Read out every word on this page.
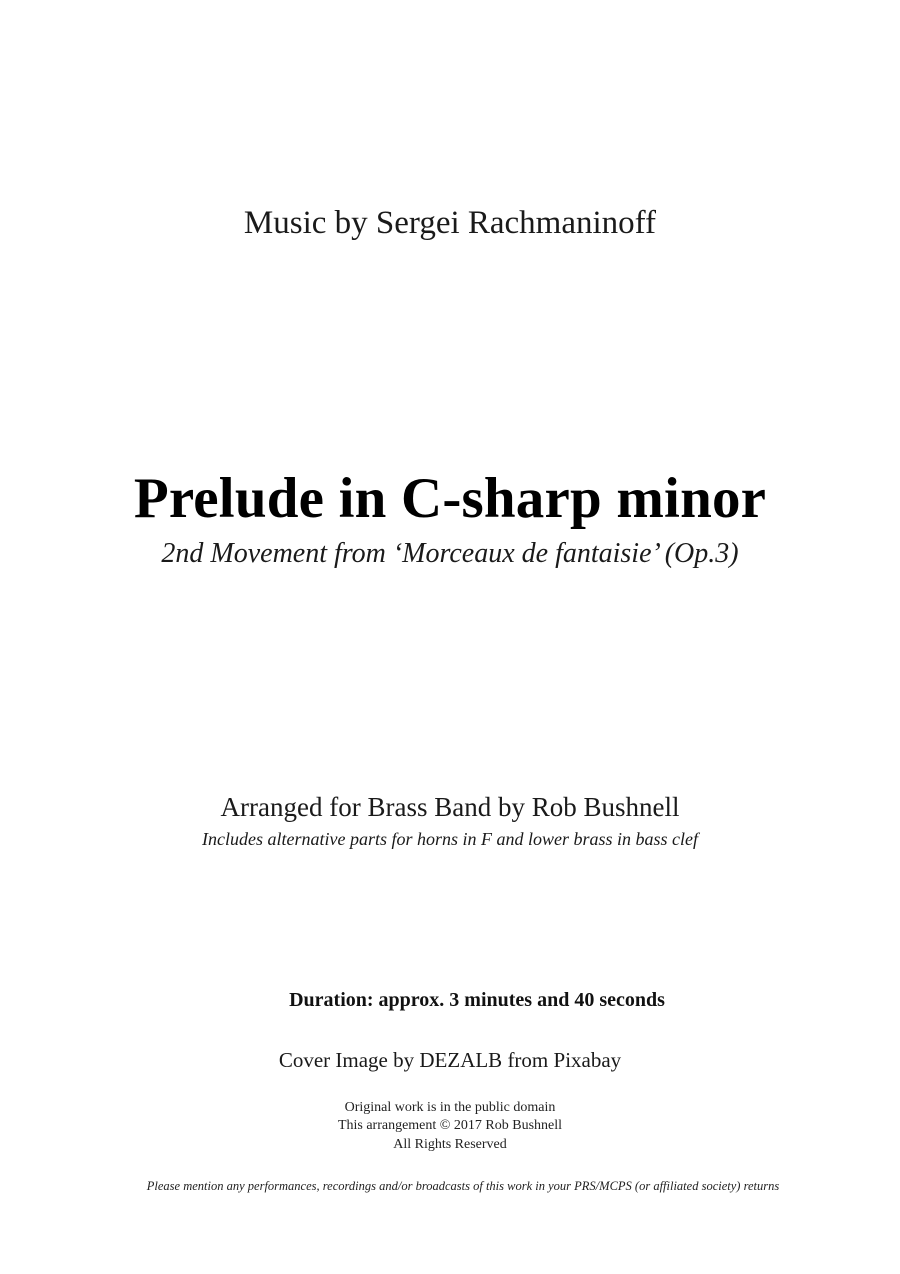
Music by Sergei Rachmaninoff
Prelude in C-sharp minor
2nd Movement from ‘Morceaux de fantaisie’ (Op.3)
Arranged for Brass Band by Rob Bushnell
Includes alternative parts for horns in F and lower brass in bass clef
Duration: approx. 3 minutes and 40 seconds
Cover Image by DEZALB from Pixabay
Original work is in the public domain
This arrangement © 2017 Rob Bushnell
All Rights Reserved
Please mention any performances, recordings and/or broadcasts of this work in your PRS/MCPS (or affiliated society) returns
